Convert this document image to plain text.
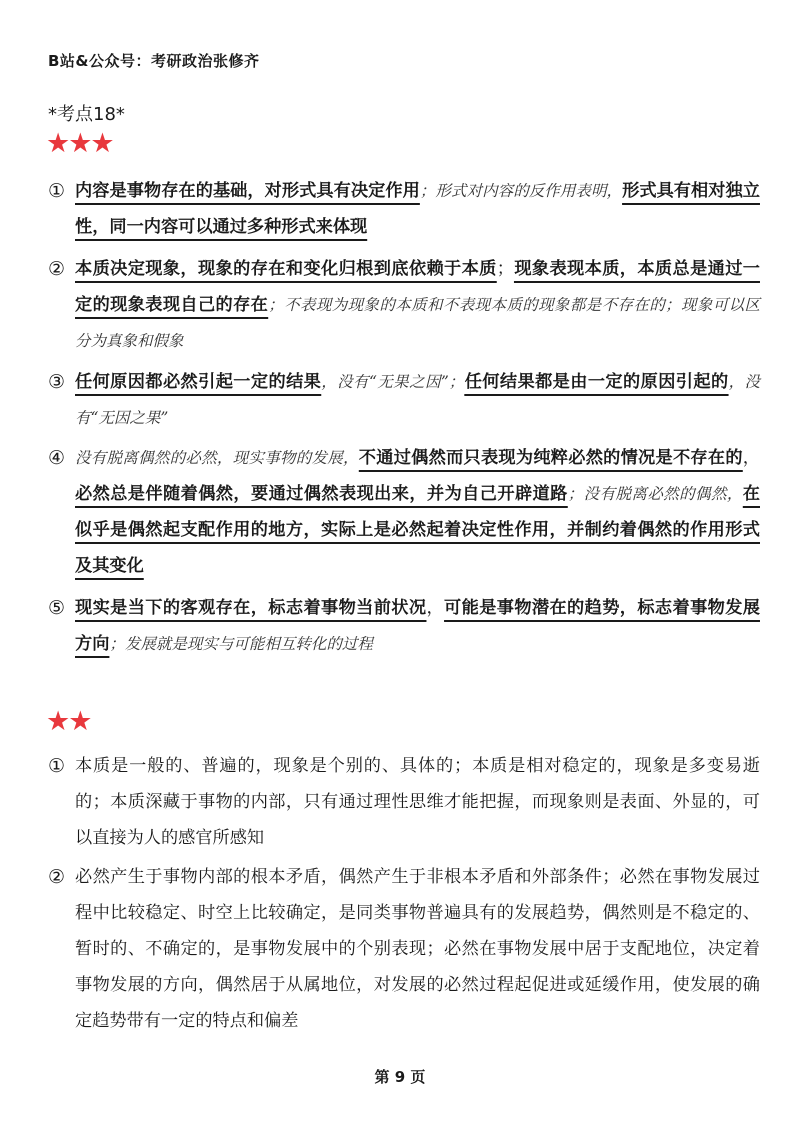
B站&公众号：考研政治张修齐
*考点18*
★★★
① 内容是事物存在的基础，对形式具有决定作用；形式对内容的反作用表明，形式具有相对独立性，同一内容可以通过多种形式来体现
② 本质决定现象，现象的存在和变化归根到底依赖于本质；现象表现本质，本质总是通过一定的现象表现自己的存在；不表现为现象的本质和不表现本质的现象都是不存在的；现象可以区分为真象和假象
③ 任何原因都必然引起一定的结果，没有“无果之因”；任何结果都是由一定的原因引起的，没有“无因之果”
④ 没有脱离偶然的必然，现实事物的发展，不通过偶然而只表现为纯粹必然的情况是不存在的，必然总是伴随着偶然，要通过偶然表现出来，并为自己开辟道路；没有脱离必然的偶然，在似乎是偶然起支配作用的地方，实际上是必然起着决定性作用，并制约着偶然的作用形式及其变化
⑤ 现实是当下的客观存在，标志着事物当前状况，可能是事物潜在的趋势，标志着事物发展方向；发展就是现实与可能相互转化的过程
★★
① 本质是一般的、普遍的，现象是个别的、具体的；本质是相对稳定的，现象是多变易逝的；本质深藏于事物的内部，只有通过理性思维才能把握，而现象则是表面、外显的，可以直接为人的感官所感知
② 必然产生于事物内部的根本矛盾，偶然产生于非根本矛盾和外部条件；必然在事物发展过程中比较稳定、时空上比较确定，是同类事物普遍具有的发展趋势，偶然则是不稳定的、暂时的、不确定的，是事物发展中的个别表现；必然在事物发展中居于支配地位，决定着事物发展的方向，偶然居于从属地位，对发展的必然过程起促进或延缓作用，使发展的确定趋势带有一定的特点和偏差
第 9 页
